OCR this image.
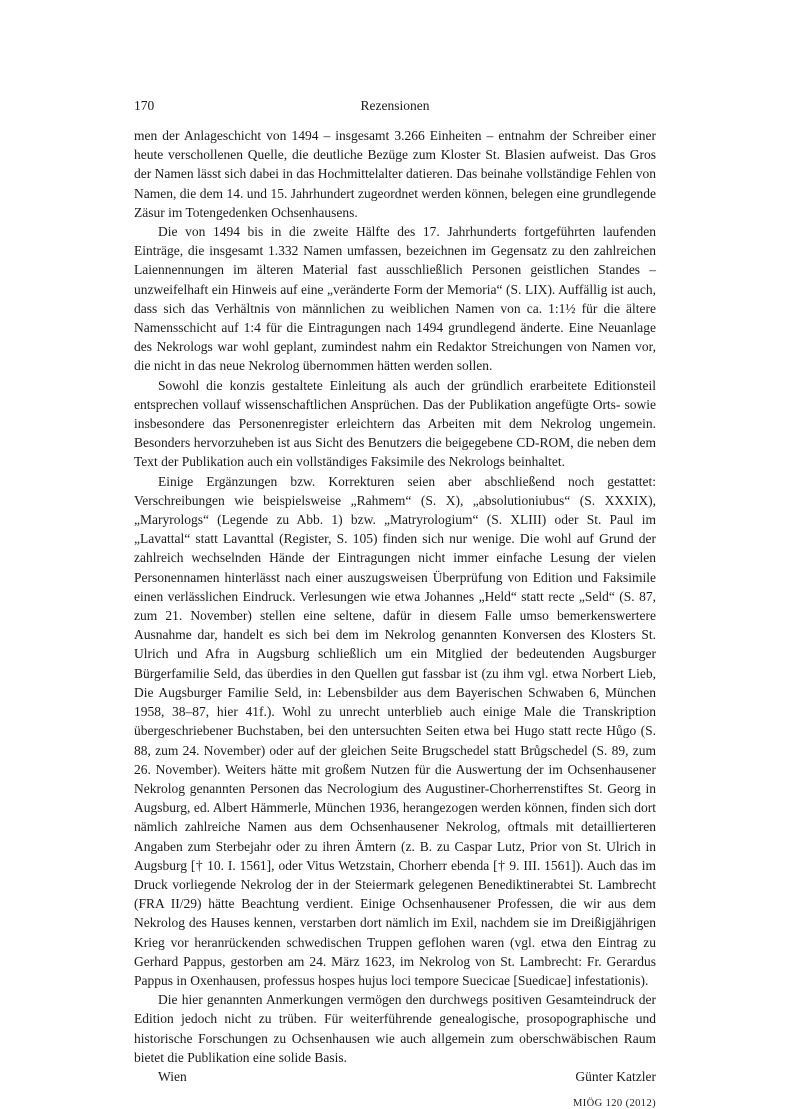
170	Rezensionen

men der Anlageschicht von 1494 – insgesamt 3.266 Einheiten – entnahm der Schreiber einer heute verschollenen Quelle, die deutliche Bezüge zum Kloster St. Blasien aufweist. Das Gros der Namen lässt sich dabei in das Hochmittelalter datieren. Das beinahe vollständige Fehlen von Namen, die dem 14. und 15. Jahrhundert zugeordnet werden können, belegen eine grundlegende Zäsur im Totengedenken Ochsenhausens.

Die von 1494 bis in die zweite Hälfte des 17. Jahrhunderts fortgeführten laufenden Einträge, die insgesamt 1.332 Namen umfassen, bezeichnen im Gegensatz zu den zahlreichen Laiennennungen im älteren Material fast ausschließlich Personen geistlichen Standes – unzweifelhaft ein Hinweis auf eine „veränderte Form der Memoria“ (S. LIX). Auffällig ist auch, dass sich das Verhältnis von männlichen zu weiblichen Namen von ca. 1:1½ für die ältere Namensschicht auf 1:4 für die Eintragungen nach 1494 grundlegend änderte. Eine Neuanlage des Nekrologs war wohl geplant, zumindest nahm ein Redaktor Streichungen von Namen vor, die nicht in das neue Nekrolog übernommen hätten werden sollen.

Sowohl die konzis gestaltete Einleitung als auch der gründlich erarbeitete Editionsteil entsprechen vollauf wissenschaftlichen Ansprüchen. Das der Publikation angefügte Orts- sowie insbesondere das Personenregister erleichtern das Arbeiten mit dem Nekrolog ungemein. Besonders hervorzuheben ist aus Sicht des Benutzers die beigegebene CD-ROM, die neben dem Text der Publikation auch ein vollständiges Faksimile des Nekrologs beinhaltet.

Einige Ergänzungen bzw. Korrekturen seien aber abschließend noch gestattet: Verschreibungen wie beispielsweise „Rahmem“ (S. X), „absolutioniubus“ (S. XXXIX), „Maryrologs“ (Legende zu Abb. 1) bzw. „Matryrologium“ (S. XLIII) oder St. Paul im „Lavattal“ statt Lavanttal (Register, S. 105) finden sich nur wenige. Die wohl auf Grund der zahlreich wechselnden Hände der Eintragungen nicht immer einfache Lesung der vielen Personennamen hinterlässt nach einer auszugsweisen Überprüfung von Edition und Faksimile einen verlässlichen Eindruck. Verlesungen wie etwa Johannes „Held“ statt recte „Seld“ (S. 87, zum 21. November) stellen eine seltene, dafür in diesem Falle umso bemerkenswertere Ausnahme dar, handelt es sich bei dem im Nekrolog genannten Konversen des Klosters St. Ulrich und Afra in Augsburg schließlich um ein Mitglied der bedeutenden Augsburger Bürgerfamilie Seld, das überdies in den Quellen gut fassbar ist (zu ihm vgl. etwa Norbert Lieb, Die Augsburger Familie Seld, in: Lebensbilder aus dem Bayerischen Schwaben 6, München 1958, 38–87, hier 41f.). Wohl zu unrecht unterblieb auch einige Male die Transkription übergeschriebener Buchstaben, bei den untersuchten Seiten etwa bei Hugo statt recte Hůgo (S. 88, zum 24. November) oder auf der gleichen Seite Brugschedel statt Brůgschedel (S. 89, zum 26. November). Weiters hätte mit großem Nutzen für die Auswertung der im Ochsenhausener Nekrolog genannten Personen das Necrologium des Augustiner-Chorherrenstiftes St. Georg in Augsburg, ed. Albert Hämmerle, München 1936, herangezogen werden können, finden sich dort nämlich zahlreiche Namen aus dem Ochsenhausener Nekrolog, oftmals mit detaillierteren Angaben zum Sterbejahr oder zu ihren Ämtern (z. B. zu Caspar Lutz, Prior von St. Ulrich in Augsburg [† 10. I. 1561], oder Vitus Wetzstain, Chorherr ebenda [† 9. III. 1561]). Auch das im Druck vorliegende Nekrolog der in der Steiermark gelegenen Benediktinerabtei St. Lambrecht (FRA II/29) hätte Beachtung verdient. Einige Ochsenhausener Professen, die wir aus dem Nekrolog des Hauses kennen, verstarben dort nämlich im Exil, nachdem sie im Dreißigjährigen Krieg vor heranrückenden schwedischen Truppen geflohen waren (vgl. etwa den Eintrag zu Gerhard Pappus, gestorben am 24. März 1623, im Nekrolog von St. Lambrecht: Fr. Gerardus Pappus in Oxenhausen, professus hospes hujus loci tempore Suecicae [Suedicae] infestationis).

Die hier genannten Anmerkungen vermögen den durchwegs positiven Gesamteindruck der Edition jedoch nicht zu trüben. Für weiterführende genealogische, prosopographische und historische Forschungen zu Ochsenhausen wie auch allgemein zum oberschwäbischen Raum bietet die Publikation eine solide Basis.

Wien	Günter Katzler
MIÖG 120 (2012)
